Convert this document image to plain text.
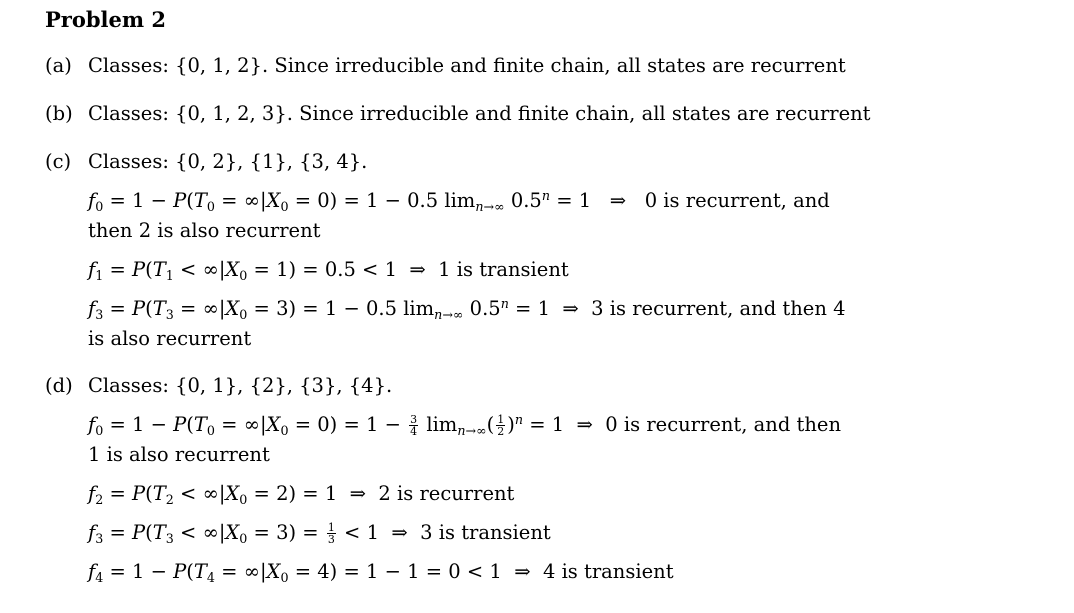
Problem 2
(a) Classes: {0, 1, 2}. Since irreducible and finite chain, all states are recurrent
(b) Classes: {0, 1, 2, 3}. Since irreducible and finite chain, all states are recurrent
(c) Classes: {0, 2}, {1}, {3, 4}.
$f_0 = 1 - P(T_0 = \infty|X_0 = 0) = 1 - 0.5$ $\lim_{n\to\infty} 0.5^n = 1$   ⇒ 0 is recurrent, and
then 2 is also recurrent
$f_1 = P(T_1 < \infty|X_0 = 1) = 0.5 < 1$  ⇒ 1 is transient
$f_3 = P(T_3 = \infty|X_0 = 3) = 1 - 0.5$ $\lim_{n\to\infty} 0.5^n = 1$  ⇒ 3 is recurrent, and then 4
is also recurrent
(d) Classes: {0, 1}, {2}, {3}, {4}.
$f_0 = 1 - P(T_0 = \infty|X_0 = 0) = 1 - \frac{3}{4} \lim_{n\to\infty}( \frac{1}{2} )^n = 1$  ⇒ 0 is recurrent, and then
1 is also recurrent
$f_2 = P(T_2 < \infty|X_0 = 2) = 1$  ⇒ 2 is recurrent
$f_3 = P(T_3 < \infty|X_0 = 3) = \frac{1}{3} < 1$  ⇒ 3 is transient
$f_4 = 1 - P(T_4 = \infty|X_0 = 4) = 1 - 1 = 0 < 1$  ⇒ 4 is transient
